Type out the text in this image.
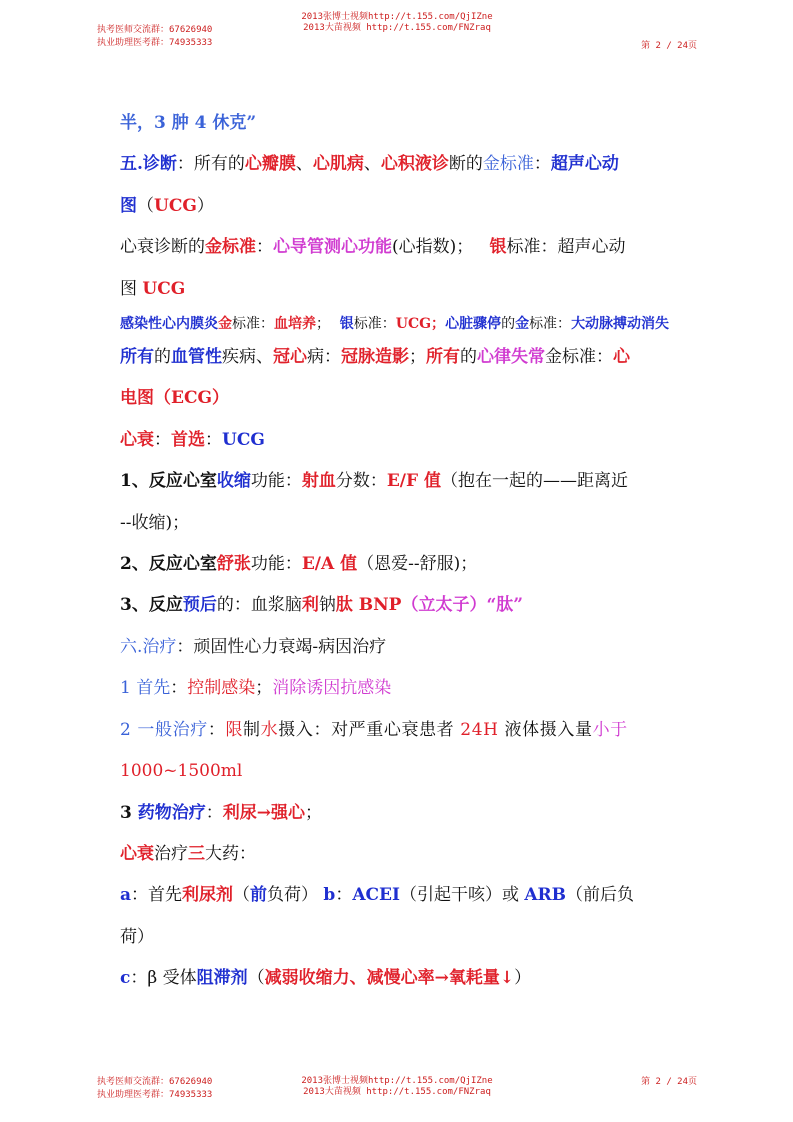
执考医师交流群：67626940
执业助理医考群：74935333
2013张博士视频http://t.155.com/QjIZne
2013大苗视频 http://t.155.com/FNZraq
第 2 / 24页

半，3 肿 4 休克”

五.诊断：所有的心瓣膜、心肌病、心积液诊断的金标准：超声心动

图（UCG）

心衰诊断的金标准：心导管测心功能(心指数)； 银标准：超声心动

图 UCG

感染性心内膜炎金标准：血培养； 银标准：UCG；心脏骤停的金标准：大动脉搏动消失

所有的血管性疾病、冠心病：冠脉造影；所有的心律失常金标准：心

电图（ECG）

心衰：首选：UCG

1、反应心室收缩功能：射血分数：E/F 值（抱在一起的——距离近

--收缩)；

2、反应心室舒张功能：E/A 值（恩爱--舒服)；

3、反应预后的：血浆脑利钠肽 BNP（立太子）“肽”

六.治疗：顽固性心力衰竭-病因治疗

1 首先：控制感染；消除诱因抗感染

2 一般治疗：限制水摄入：对严重心衰患者 24H 液体摄入量小于

1000~1500ml

3 药物治疗：利尿→强心；

心衰治疗三大药：

a：首先利尿剂（前负荷） b：ACEI（引起干咳）或 ARB（前后负

荷）

c：β 受体阻滞剂（减弱收缩力、减慢心率→氧耗量↓）

执考医师交流群：67626940
执业助理医考群：74935333
2013张博士视频http://t.155.com/QjIZne
2013大苗视频 http://t.155.com/FNZraq
第 2 / 24页
